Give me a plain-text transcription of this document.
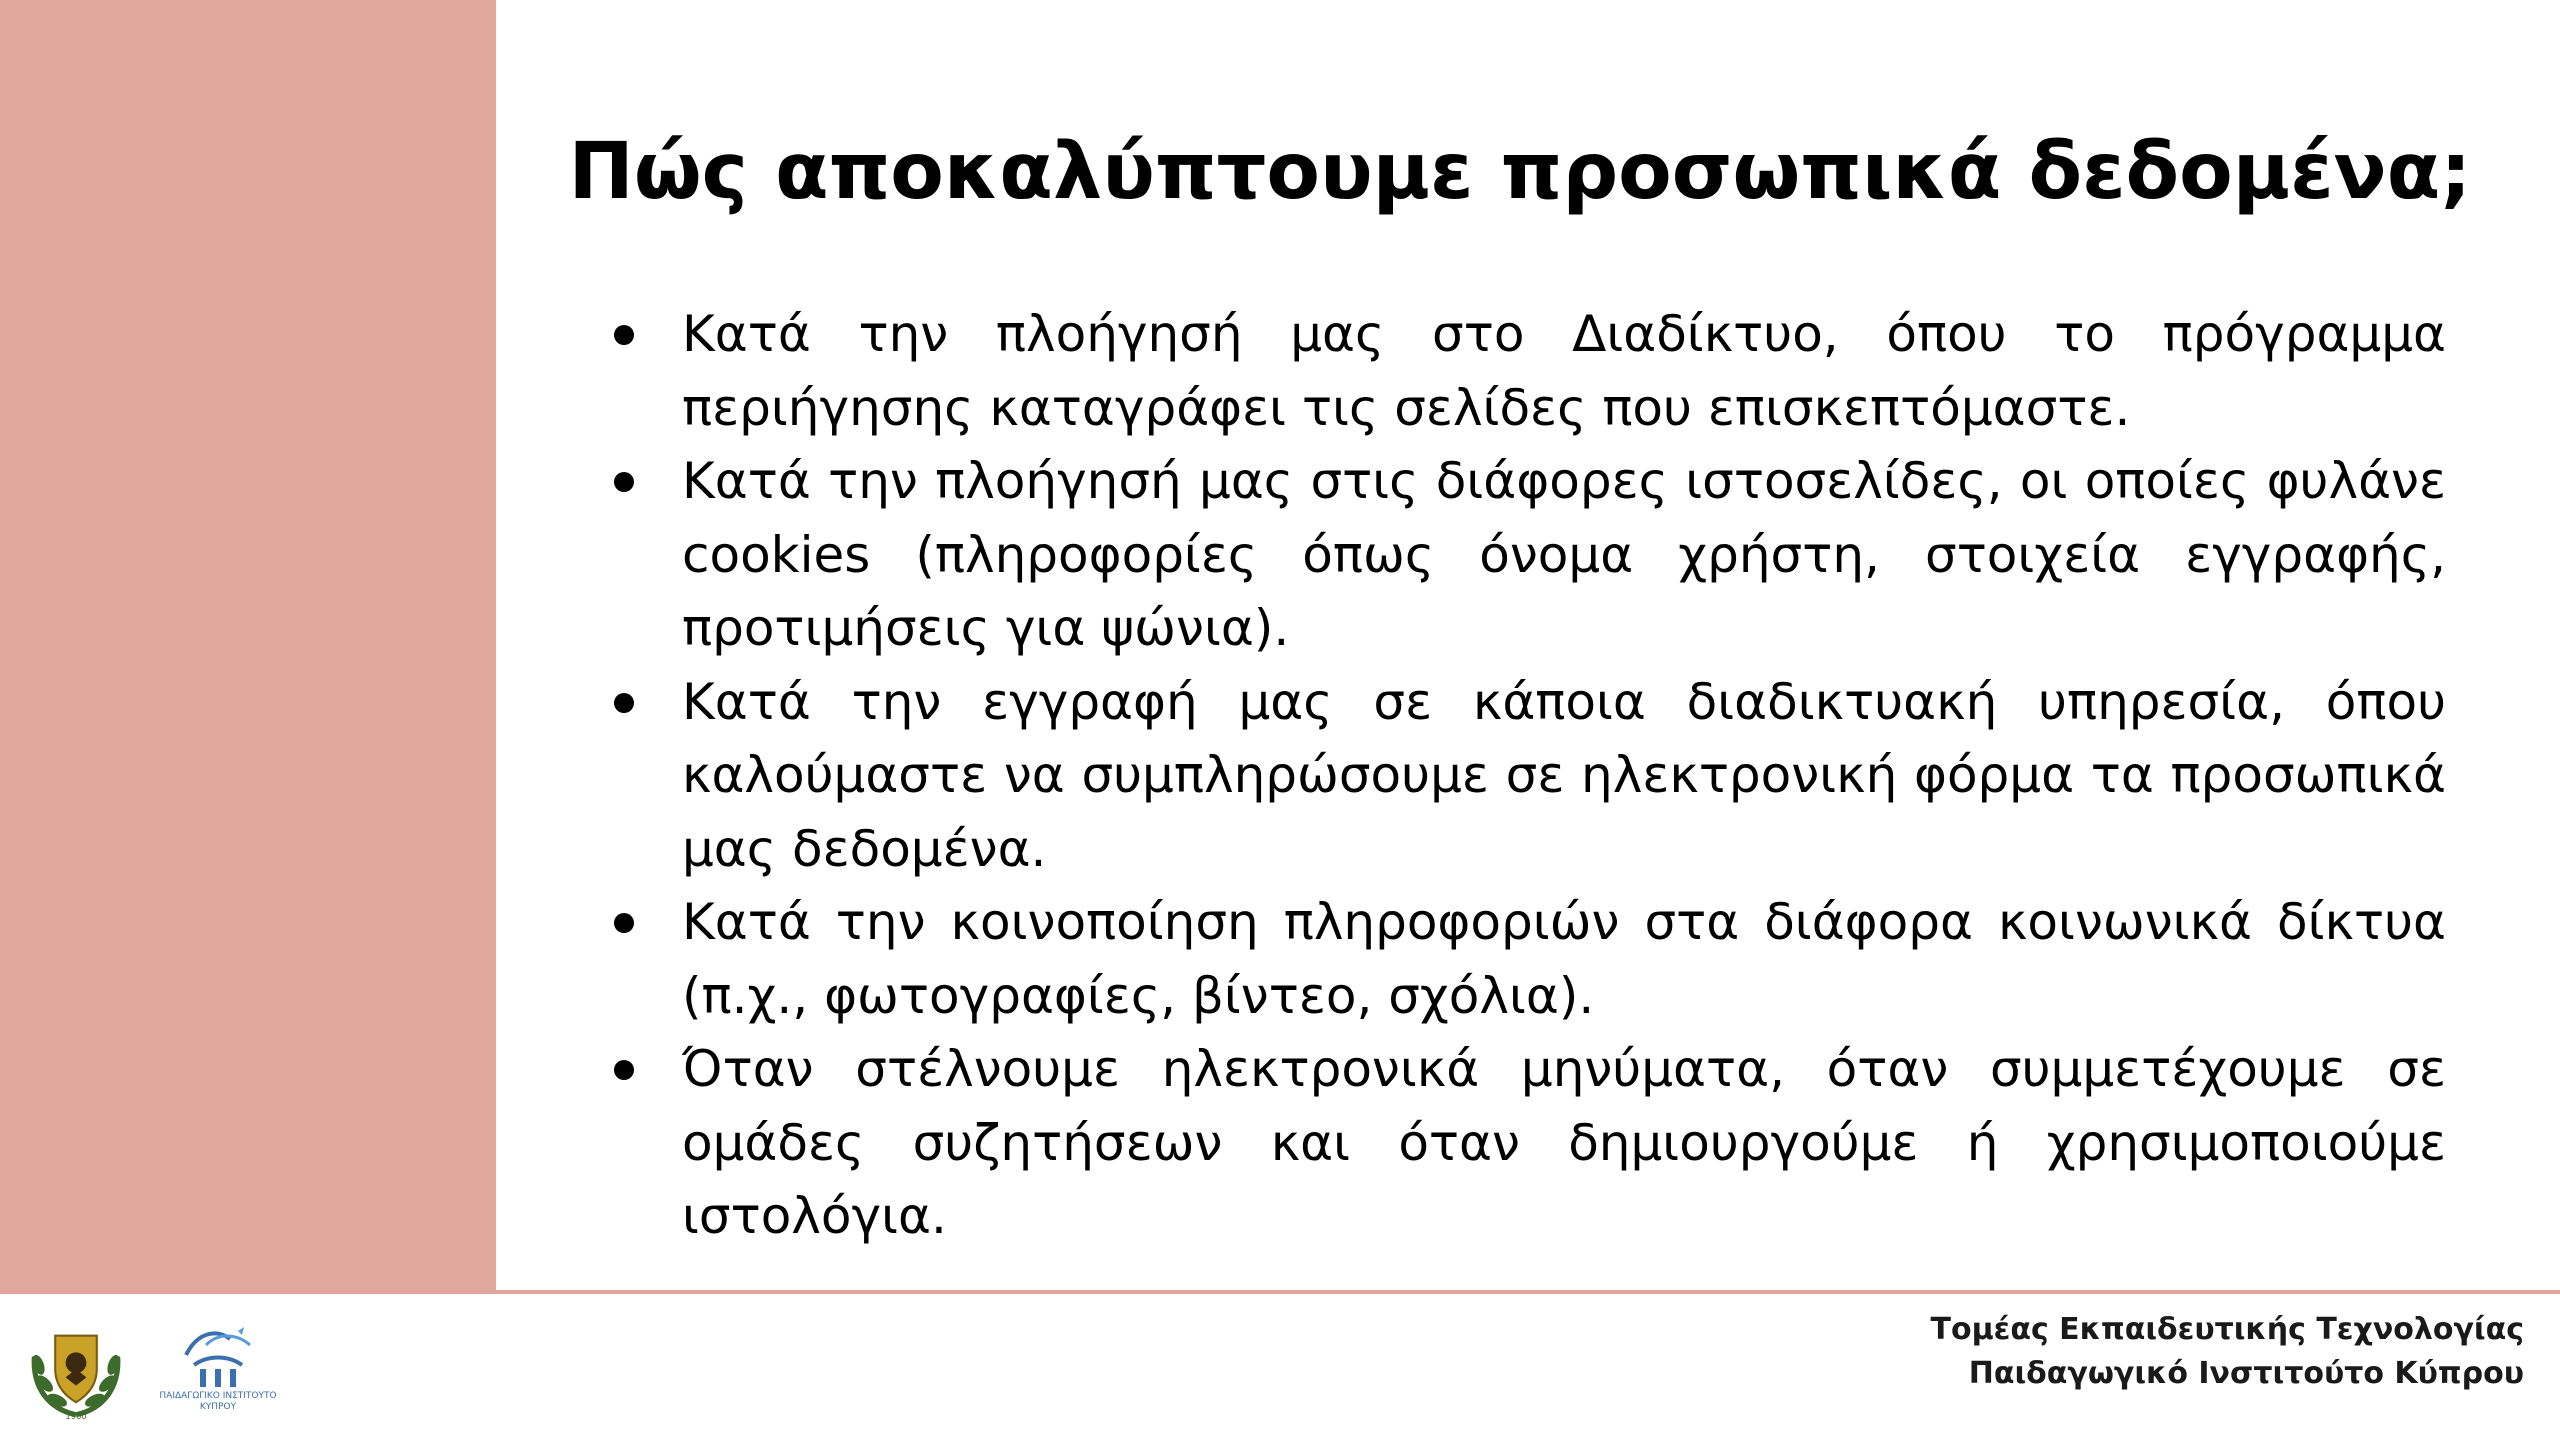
Πώς αποκαλύπτουμε προσωπικά δεδομένα;
Κατά την πλοήγησή μας στο Διαδίκτυο, όπου το πρόγραμμα περιήγησης καταγράφει τις σελίδες που επισκεπτόμαστε.
Κατά την πλοήγησή μας στις διάφορες ιστοσελίδες, οι οποίες φυλάνε cookies (πληροφορίες όπως όνομα χρήστη, στοιχεία εγγραφής, προτιμήσεις για ψώνια).
Κατά την εγγραφή μας σε κάποια διαδικτυακή υπηρεσία, όπου καλούμαστε να συμπληρώσουμε σε ηλεκτρονική φόρμα τα προσωπικά μας δεδομένα.
Κατά την κοινοποίηση πληροφοριών στα διάφορα κοινωνικά δίκτυα (π.χ., φωτογραφίες, βίντεο, σχόλια).
Όταν στέλνουμε ηλεκτρονικά μηνύματα, όταν συμμετέχουμε σε ομάδες συζητήσεων και όταν δημιουργούμε ή χρησιμοποιούμε ιστολόγια.
1960
ΠΑΙΔΑΓΩΓΙΚΟ ΙΝΣΤΙΤΟΥΤΟ
ΚΥΠΡΟΥ
Τομέας Εκπαιδευτικής Τεχνολογίας
Παιδαγωγικό Ινστιτούτο Κύπρου
